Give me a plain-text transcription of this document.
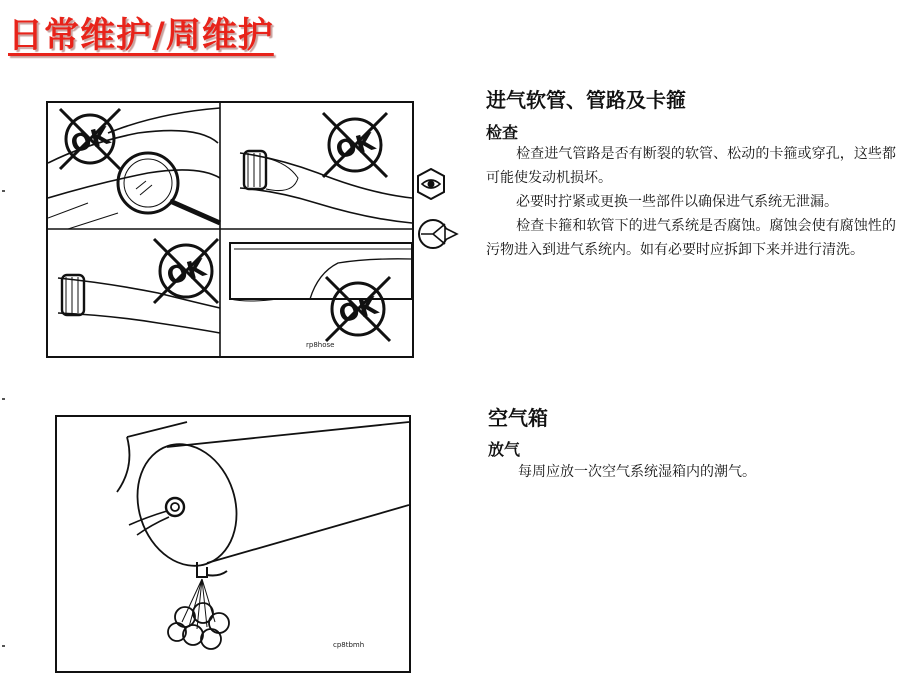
日常维护/周维护
OK	OK
OK
OK
rp8hose
进气软管、管路及卡箍
检查
检查进气管路是否有断裂的软管、松动的卡箍或穿孔，这些都可能使发动机损坏。
必要时拧紧或更换一些部件以确保进气系统无泄漏。
检查卡箍和软管下的进气系统是否腐蚀。腐蚀会使有腐蚀性的污物进入到进气系统内。如有必要时应拆卸下来并进行清洗。
cp8tbmh
空气箱
放气
每周应放一次空气系统湿箱内的潮气。
